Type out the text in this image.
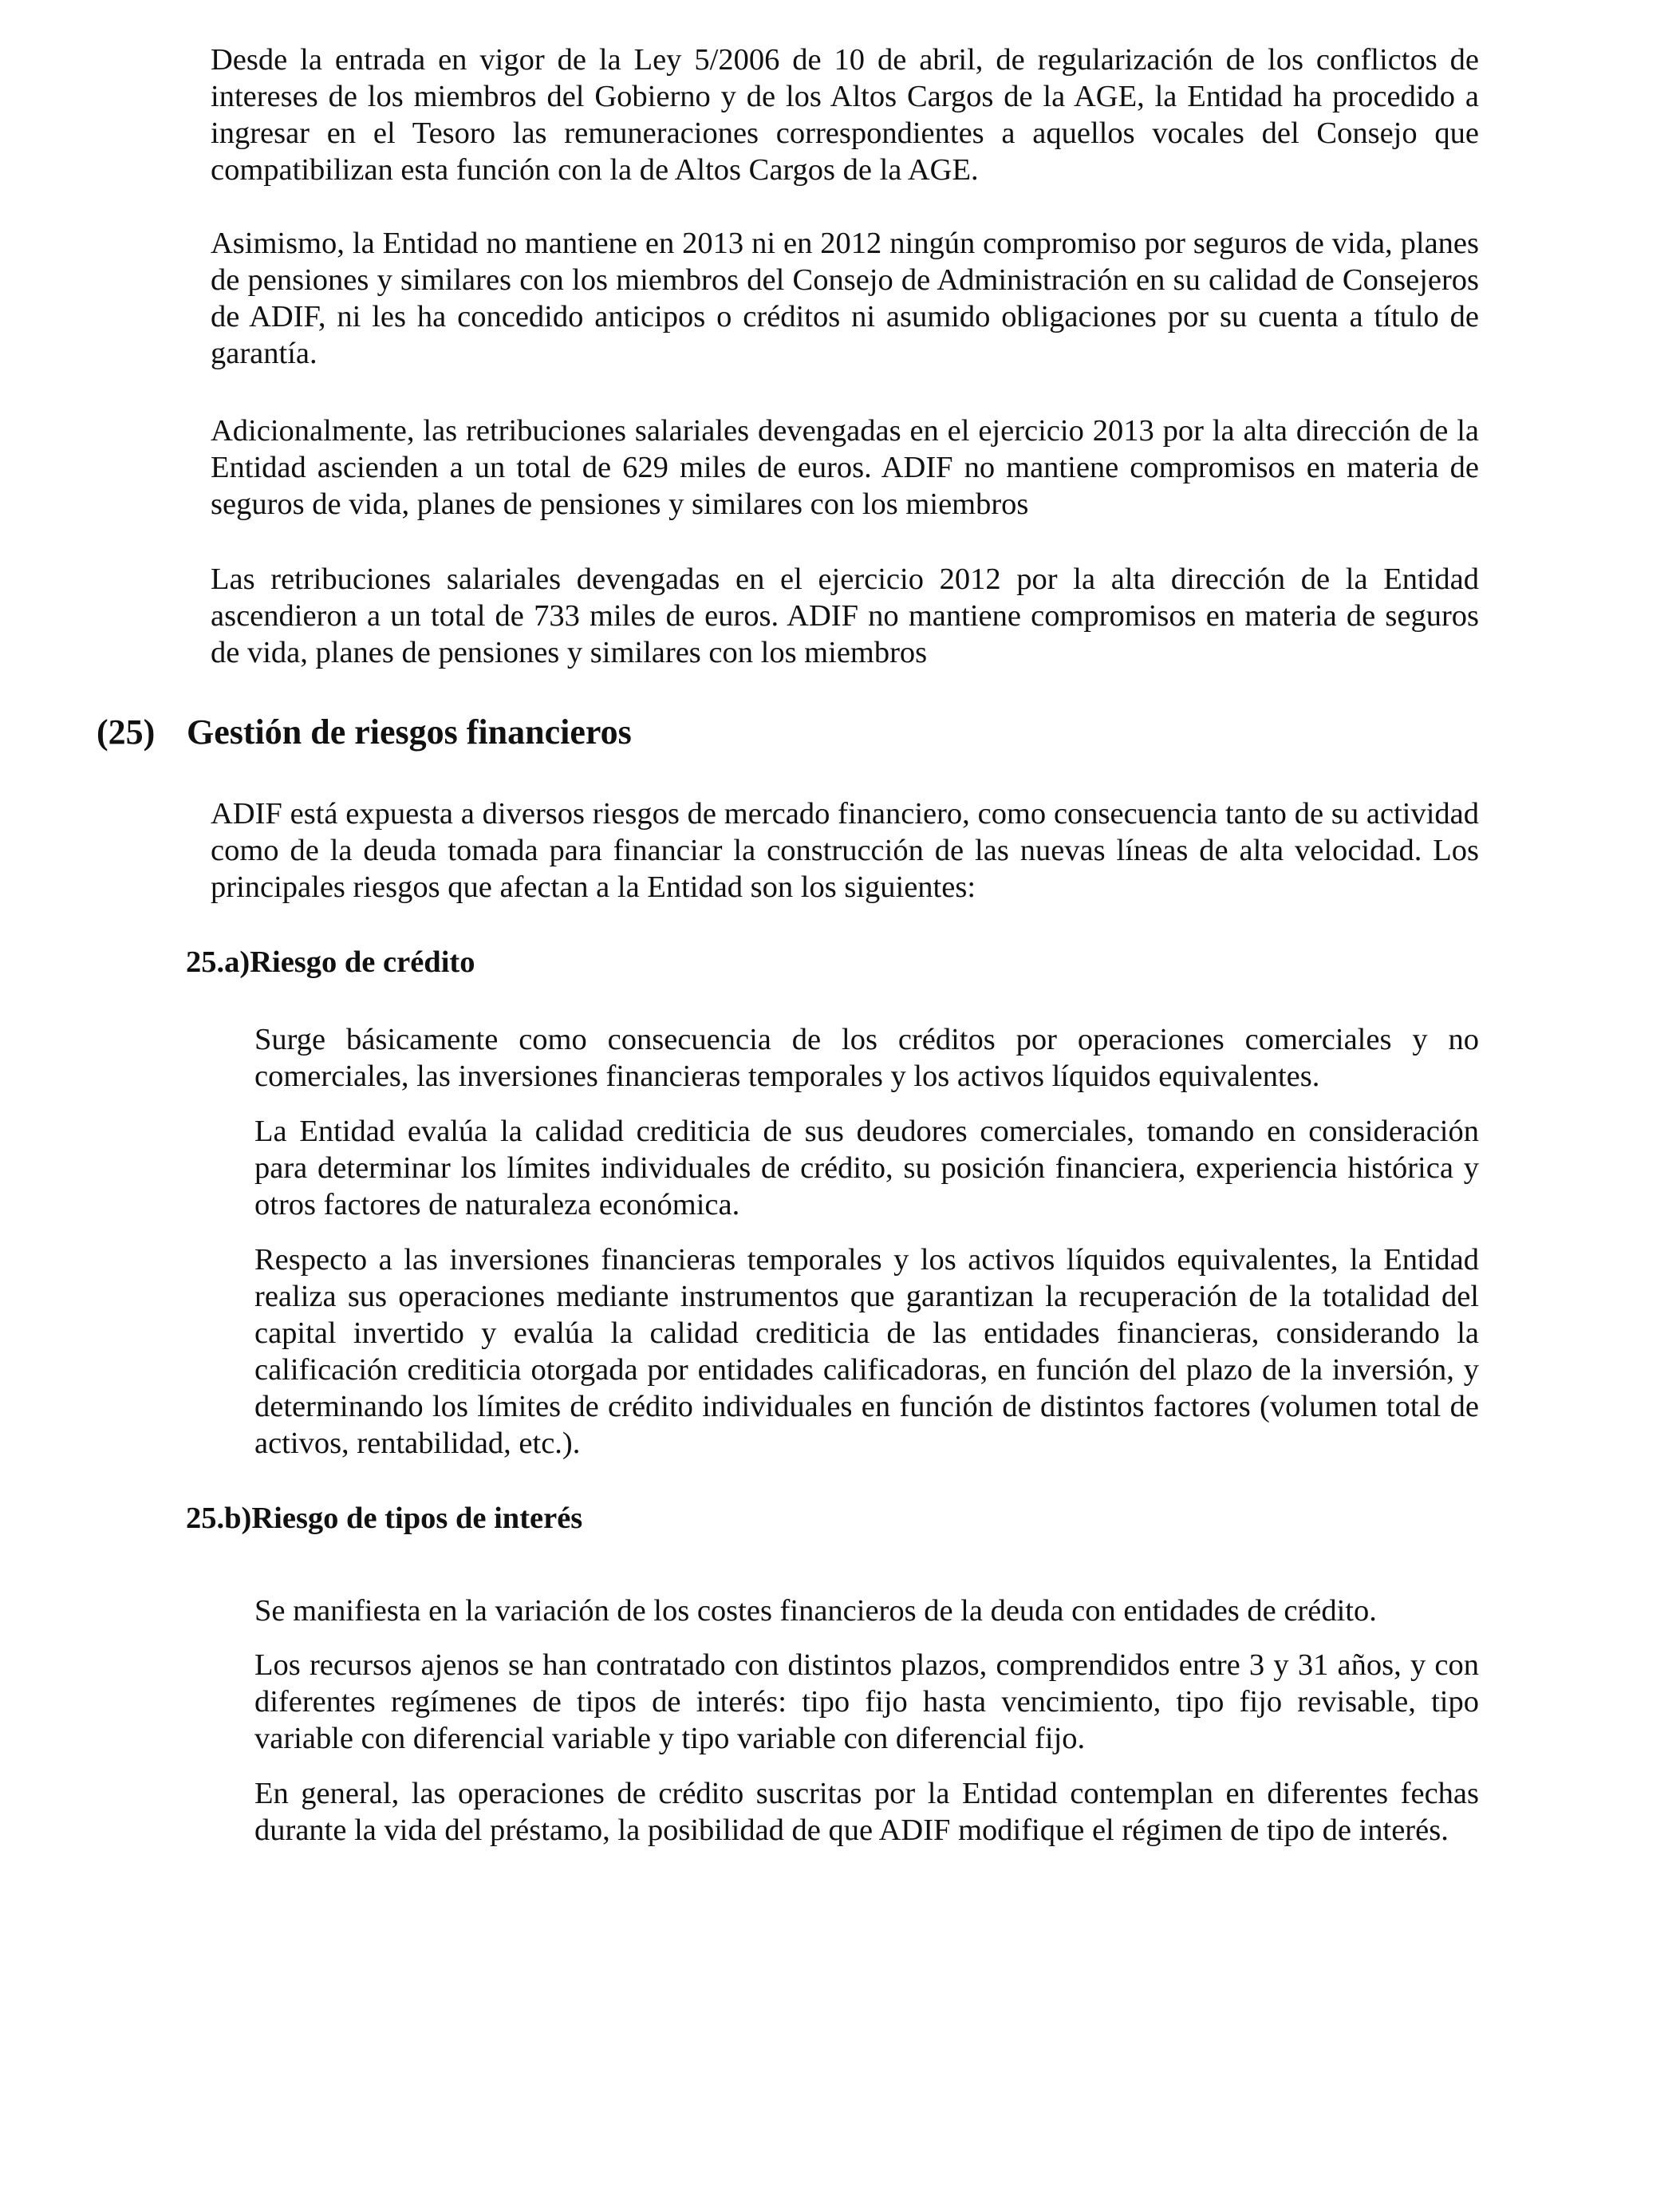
Desde la entrada en vigor de la Ley 5/2006 de 10 de abril, de regularización de los conflictos de intereses de los miembros del Gobierno y de los Altos Cargos de la AGE, la Entidad ha procedido a ingresar en el Tesoro las remuneraciones correspondientes a aquellos vocales del Consejo que compatibilizan esta función con la de Altos Cargos de la AGE.

Asimismo, la Entidad no mantiene en 2013 ni en 2012 ningún compromiso por seguros de vida, planes de pensiones y similares con los miembros del Consejo de Administración en su calidad de Consejeros de ADIF, ni les ha concedido anticipos o créditos ni asumido obligaciones por su cuenta a título de garantía.

Adicionalmente, las retribuciones salariales devengadas en el ejercicio 2013 por la alta dirección de la Entidad ascienden a un total de 629 miles de euros. ADIF no mantiene compromisos en materia de seguros de vida, planes de pensiones y similares con los miembros

Las retribuciones salariales devengadas en el ejercicio 2012 por la alta dirección de la Entidad ascendieron a un total de 733 miles de euros. ADIF no mantiene compromisos en materia de seguros de vida, planes de pensiones y similares con los miembros

(25) Gestión de riesgos financieros

ADIF está expuesta a diversos riesgos de mercado financiero, como consecuencia tanto de su actividad como de la deuda tomada para financiar la construcción de las nuevas líneas de alta velocidad. Los principales riesgos que afectan a la Entidad son los siguientes:

25.a)Riesgo de crédito

Surge básicamente como consecuencia de los créditos por operaciones comerciales y no comerciales, las inversiones financieras temporales y los activos líquidos equivalentes.

La Entidad evalúa la calidad crediticia de sus deudores comerciales, tomando en consideración para determinar los límites individuales de crédito, su posición financiera, experiencia histórica y otros factores de naturaleza económica.

Respecto a las inversiones financieras temporales y los activos líquidos equivalentes, la Entidad realiza sus operaciones mediante instrumentos que garantizan la recuperación de la totalidad del capital invertido y evalúa la calidad crediticia de las entidades financieras, considerando la calificación crediticia otorgada por entidades calificadoras, en función del plazo de la inversión, y determinando los límites de crédito individuales en función de distintos factores (volumen total de activos, rentabilidad, etc.).

25.b)Riesgo de tipos de interés

Se manifiesta en la variación de los costes financieros de la deuda con entidades de crédito.

Los recursos ajenos se han contratado con distintos plazos, comprendidos entre 3 y 31 años, y con diferentes regímenes de tipos de interés: tipo fijo hasta vencimiento, tipo fijo revisable, tipo variable con diferencial variable y tipo variable con diferencial fijo.

En general, las operaciones de crédito suscritas por la Entidad contemplan en diferentes fechas durante la vida del préstamo, la posibilidad de que ADIF modifique el régimen de tipo de interés.
